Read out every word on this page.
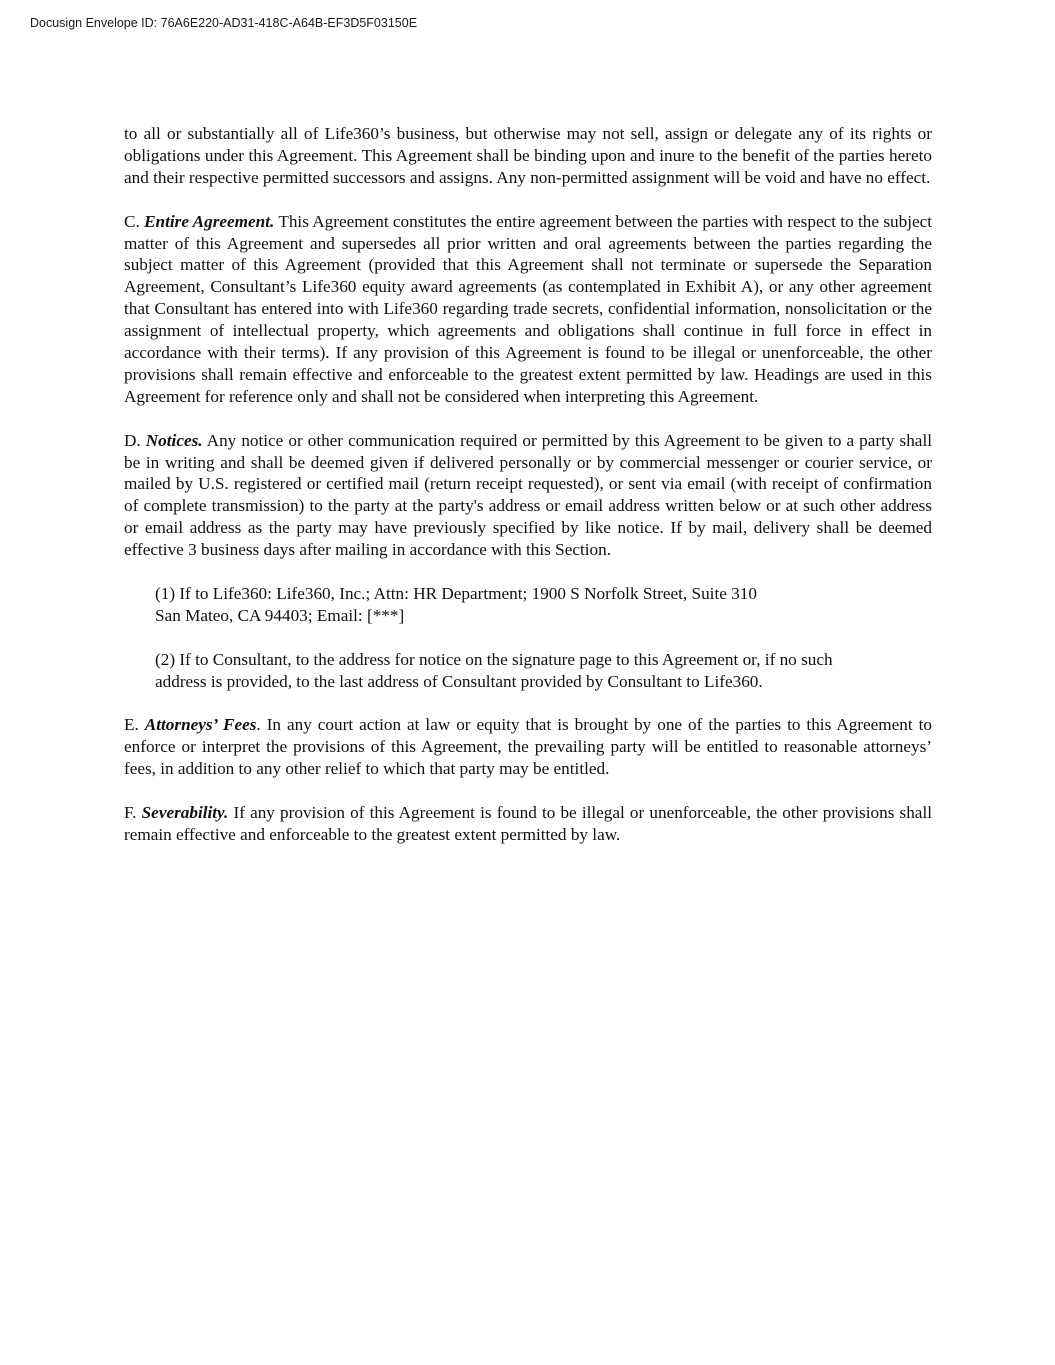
Docusign Envelope ID: 76A6E220-AD31-418C-A64B-EF3D5F03150E

to all or substantially all of Life360’s business, but otherwise may not sell, assign or delegate any of its rights or obligations under this Agreement. This Agreement shall be binding upon and inure to the benefit of the parties hereto and their respective permitted successors and assigns. Any non-permitted assignment will be void and have no effect.

C. Entire Agreement. This Agreement constitutes the entire agreement between the parties with respect to the subject matter of this Agreement and supersedes all prior written and oral agreements between the parties regarding the subject matter of this Agreement (provided that this Agreement shall not terminate or supersede the Separation Agreement, Consultant’s Life360 equity award agreements (as contemplated in Exhibit A), or any other agreement that Consultant has entered into with Life360 regarding trade secrets, confidential information, nonsolicitation or the assignment of intellectual property, which agreements and obligations shall continue in full force in effect in accordance with their terms). If any provision of this Agreement is found to be illegal or unenforceable, the other provisions shall remain effective and enforceable to the greatest extent permitted by law. Headings are used in this Agreement for reference only and shall not be considered when interpreting this Agreement.

D. Notices. Any notice or other communication required or permitted by this Agreement to be given to a party shall be in writing and shall be deemed given if delivered personally or by commercial messenger or courier service, or mailed by U.S. registered or certified mail (return receipt requested), or sent via email (with receipt of confirmation of complete transmission) to the party at the party's address or email address written below or at such other address or email address as the party may have previously specified by like notice. If by mail, delivery shall be deemed effective 3 business days after mailing in accordance with this Section.

(1) If to Life360: Life360, Inc.; Attn: HR Department; 1900 S Norfolk Street, Suite 310
San Mateo, CA 94403; Email: [***]
(2) If to Consultant, to the address for notice on the signature page to this Agreement or, if no such
address is provided, to the last address of Consultant provided by Consultant to Life360.

E. Attorneys’ Fees. In any court action at law or equity that is brought by one of the parties to this Agreement to enforce or interpret the provisions of this Agreement, the prevailing party will be entitled to reasonable attorneys’ fees, in addition to any other relief to which that party may be entitled.

F. Severability. If any provision of this Agreement is found to be illegal or unenforceable, the other provisions shall remain effective and enforceable to the greatest extent permitted by law.
